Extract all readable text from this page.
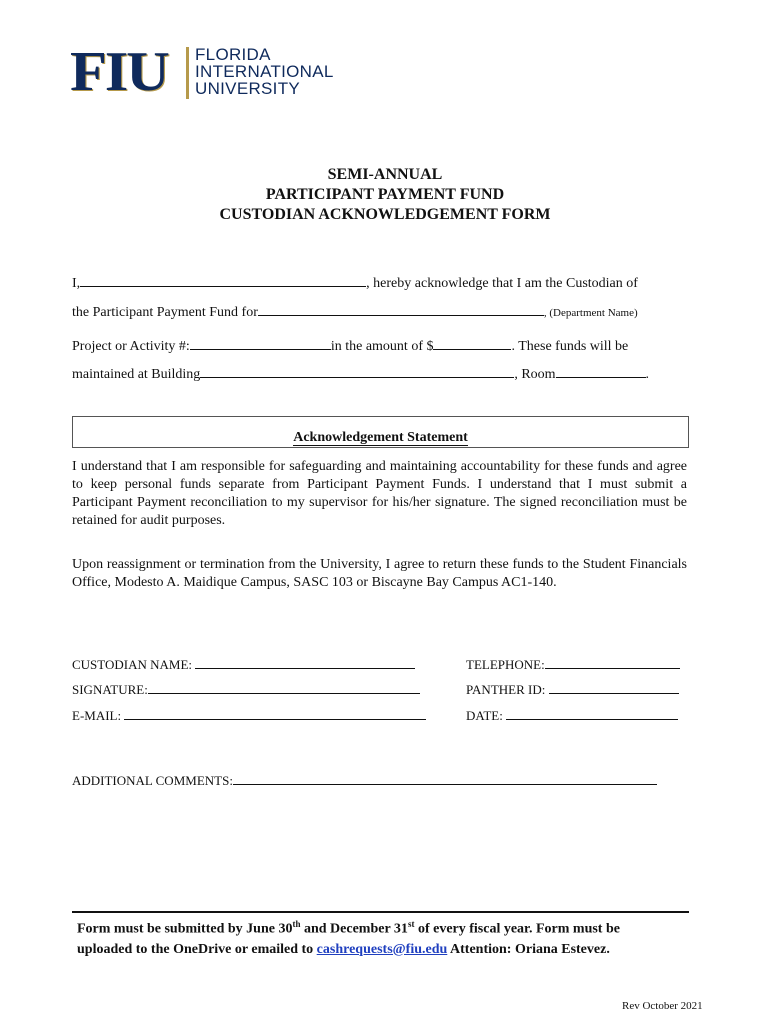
FIU FLORIDA
INTERNATIONAL
UNIVERSITY
SEMI-ANNUAL
PARTICIPANT PAYMENT FUND
CUSTODIAN ACKNOWLEDGEMENT FORM
I,	, hereby acknowledge that I am the Custodian of
the Participant Payment Fund for	, (Department Name)
Project or Activity #:	in the amount of $	. These funds will be
maintained at Building	, Room	.
Acknowledgement Statement
I understand that I am responsible for safeguarding and maintaining accountability for these funds and agree to keep personal funds separate from Participant Payment Funds. I understand that I must submit a Participant Payment reconciliation to my supervisor for his/her signature. The signed reconciliation must be retained for audit purposes.
Upon reassignment or termination from the University, I agree to return these funds to the Student Financials Office, Modesto A. Maidique Campus, SASC 103 or Biscayne Bay Campus AC1-140.
CUSTODIAN NAME:	TELEPHONE:
SIGNATURE:	PANTHER ID:
E-MAIL:	DATE:
ADDITIONAL COMMENTS:
Form must be submitted by June 30th and December 31st of every fiscal year. Form must be
uploaded to the OneDrive or emailed to cashrequests@fiu.edu Attention: Oriana Estevez.
Rev October 2021
